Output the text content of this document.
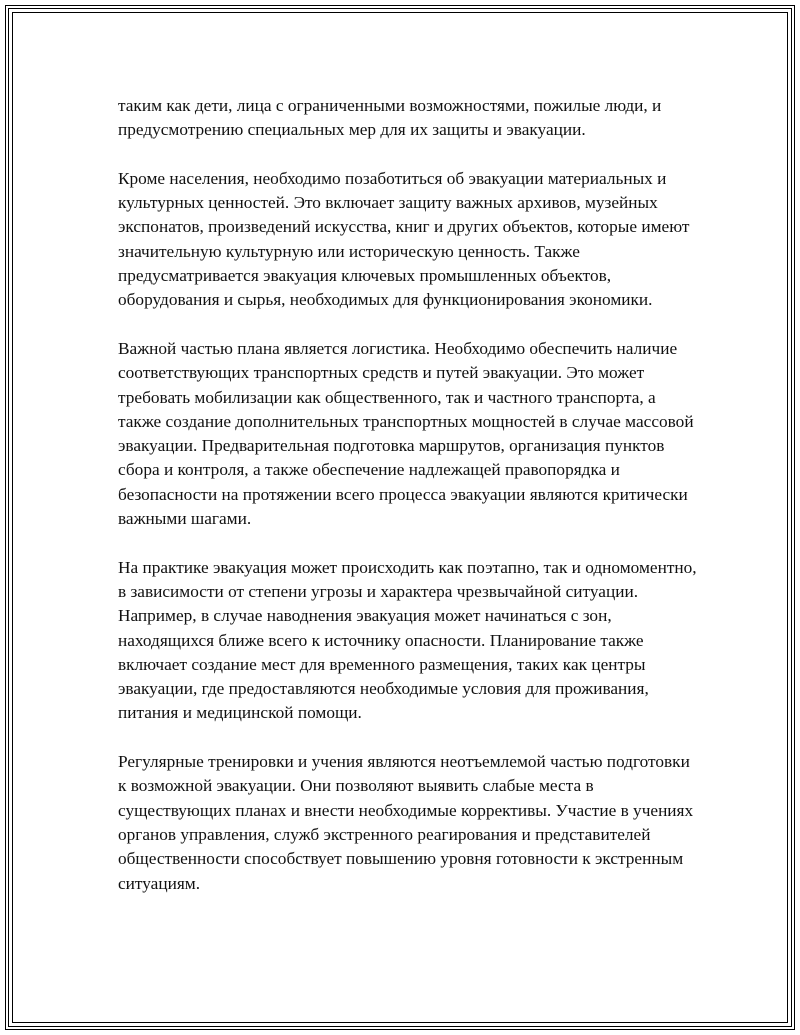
таким как дети, лица с ограниченными возможностями, пожилые люди, и предусмотрению специальных мер для их защиты и эвакуации.

Кроме населения, необходимо позаботиться об эвакуации материальных и культурных ценностей. Это включает защиту важных архивов, музейных экспонатов, произведений искусства, книг и других объектов, которые имеют значительную культурную или историческую ценность. Также предусматривается эвакуация ключевых промышленных объектов, оборудования и сырья, необходимых для функционирования экономики.

Важной частью плана является логистика. Необходимо обеспечить наличие соответствующих транспортных средств и путей эвакуации. Это может требовать мобилизации как общественного, так и частного транспорта, а также создание дополнительных транспортных мощностей в случае массовой эвакуации. Предварительная подготовка маршрутов, организация пунктов сбора и контроля, а также обеспечение надлежащей правопорядка и безопасности на протяжении всего процесса эвакуации являются критически важными шагами.

На практике эвакуация может происходить как поэтапно, так и одномоментно, в зависимости от степени угрозы и характера чрезвычайной ситуации. Например, в случае наводнения эвакуация может начинаться с зон, находящихся ближе всего к источнику опасности. Планирование также включает создание мест для временного размещения, таких как центры эвакуации, где предоставляются необходимые условия для проживания, питания и медицинской помощи.

Регулярные тренировки и учения являются неотъемлемой частью подготовки к возможной эвакуации. Они позволяют выявить слабые места в существующих планах и внести необходимые коррективы. Участие в учениях органов управления, служб экстренного реагирования и представителей общественности способствует повышению уровня готовности к экстренным ситуациям.
